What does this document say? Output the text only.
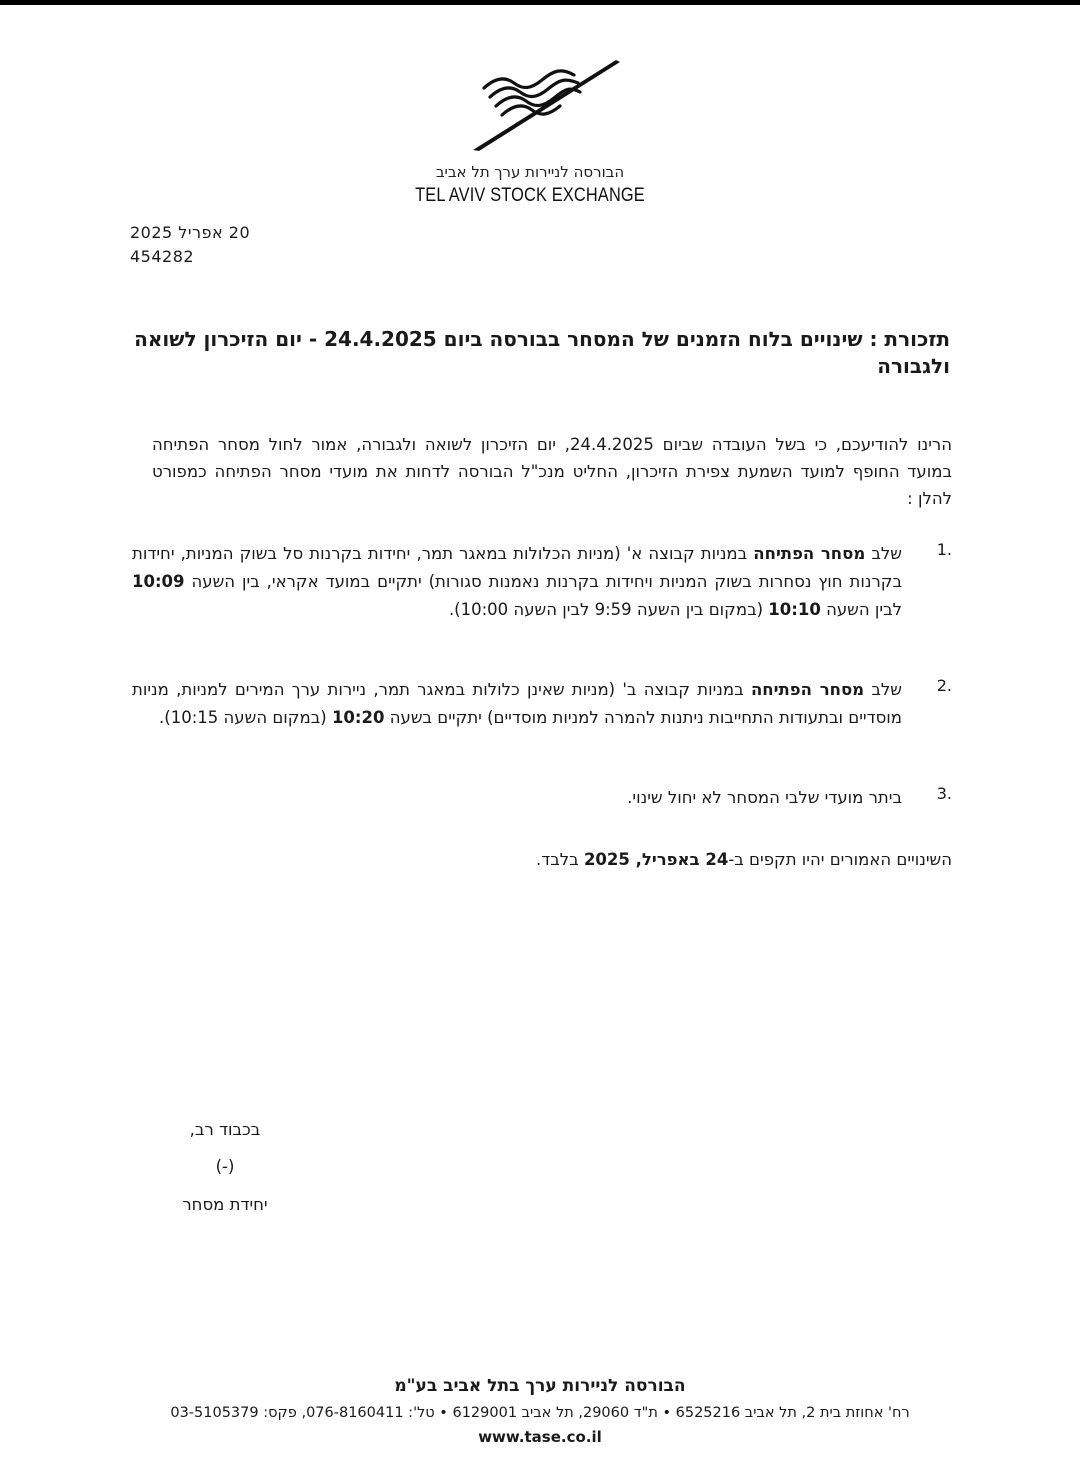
הבורסה לניירות ערך תל אביב
TEL AVIV STOCK EXCHANGE
20 אפריל 2025
454282
תזכורת : שינויים בלוח הזמנים של המסחר בבורסה ביום 24.4.2025 - יום הזיכרון לשואה ולגבורה
הרינו להודיעכם, כי בשל העובדה שביום 24.4.2025, יום הזיכרון לשואה ולגבורה, אמור לחול מסחר הפתיחה במועד החופף למועד השמעת צפירת הזיכרון, החליט מנכ"ל הבורסה לדחות את מועדי מסחר הפתיחה כמפורט להלן :
.1
שלב מסחר הפתיחה במניות קבוצה א' (מניות הכלולות במאגר תמר, יחידות בקרנות סל בשוק המניות, יחידות בקרנות חוץ נסחרות בשוק המניות ויחידות בקרנות נאמנות סגורות) יתקיים במועד אקראי, בין השעה 10:09 לבין השעה 10:10 (במקום בין השעה 9:59 לבין השעה 10:00).
.2
שלב מסחר הפתיחה במניות קבוצה ב' (מניות שאינן כלולות במאגר תמר, ניירות ערך המירים למניות, מניות מוסדיים ובתעודות התחייבות ניתנות להמרה למניות מוסדיים) יתקיים בשעה 10:20 (במקום השעה 10:15).
.3
ביתר מועדי שלבי המסחר לא יחול שינוי.
השינויים האמורים יהיו תקפים ב-24 באפריל, 2025 בלבד.
בכבוד רב,
(-)
יחידת מסחר
הבורסה לניירות ערך בתל אביב בע"מ
רח' אחוזת בית 2, תל אביב 6525216 • ת"ד 29060, תל אביב 6129001 • טל': 076-8160411, פקס: 03-5105379
www.tase.co.il
